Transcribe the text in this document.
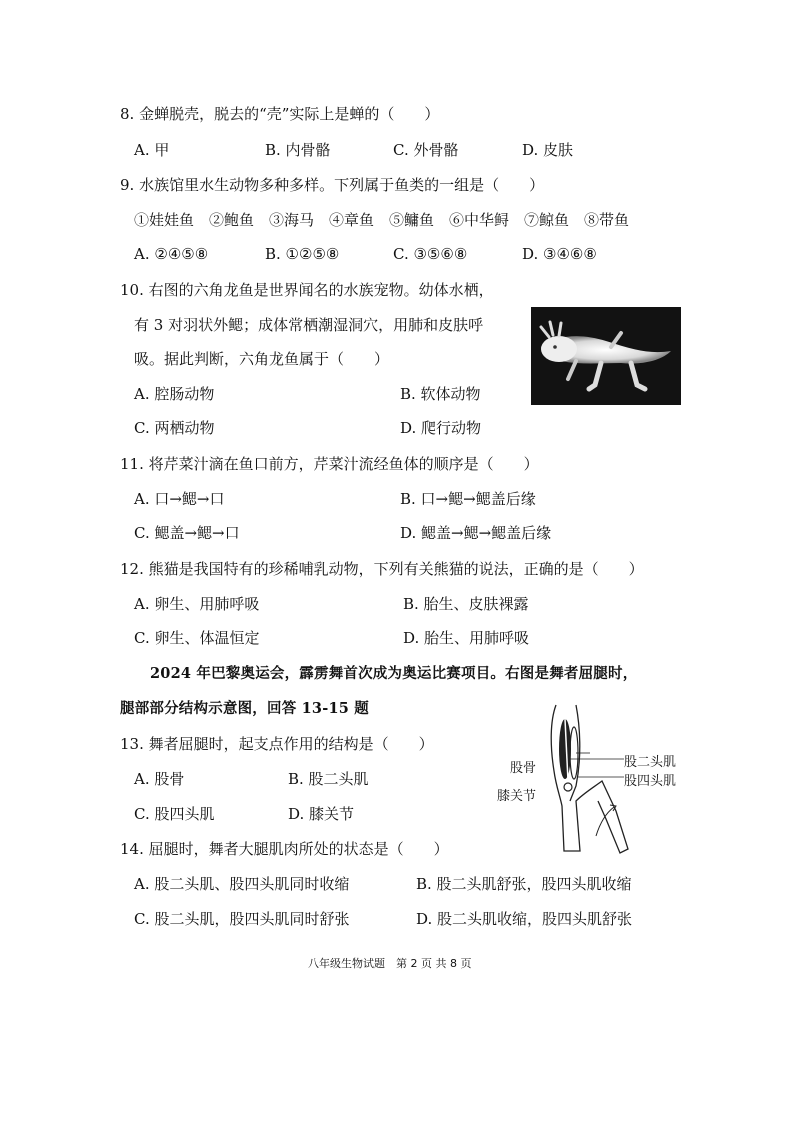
8. 金蝉脱壳，脱去的“壳”实际上是蝉的（　　）
A. 甲	B. 内骨骼	C. 外骨骼	D. 皮肤
9. 水族馆里水生动物多种多样。下列属于鱼类的一组是（　　）
①娃娃鱼　②鲍鱼　③海马　④章鱼　⑤鳙鱼　⑥中华鲟　⑦鲸鱼　⑧带鱼
A. ②④⑤⑧	B. ①②⑤⑧	C. ③⑤⑥⑧	D. ③④⑥⑧
10. 右图的六角龙鱼是世界闻名的水族宠物。幼体水栖，
有 3 对羽状外鳃；成体常栖潮湿洞穴，用肺和皮肤呼
吸。据此判断，六角龙鱼属于（　　）
A. 腔肠动物	B. 软体动物
C. 两栖动物	D. 爬行动物
11. 将芹菜汁滴在鱼口前方，芹菜汁流经鱼体的顺序是（　　）
A. 口→鳃→口	B. 口→鳃→鳃盖后缘
C. 鳃盖→鳃→口	D. 鳃盖→鳃→鳃盖后缘
12. 熊猫是我国特有的珍稀哺乳动物，下列有关熊猫的说法，正确的是（　　）
A. 卵生、用肺呼吸	B. 胎生、皮肤裸露
C. 卵生、体温恒定	D. 胎生、用肺呼吸
2024 年巴黎奥运会，霹雳舞首次成为奥运比赛项目。右图是舞者屈腿时，
腿部部分结构示意图，回答 13-15 题
13. 舞者屈腿时，起支点作用的结构是（　　）
A. 股骨	B. 股二头肌
C. 股四头肌	D. 膝关节
股骨
膝关节
股二头肌
股四头肌
14. 屈腿时，舞者大腿肌肉所处的状态是（　　）
A. 股二头肌、股四头肌同时收缩	B. 股二头肌舒张，股四头肌收缩
C. 股二头肌，股四头肌同时舒张	D. 股二头肌收缩，股四头肌舒张
八年级生物试题　第 2 页 共 8 页
